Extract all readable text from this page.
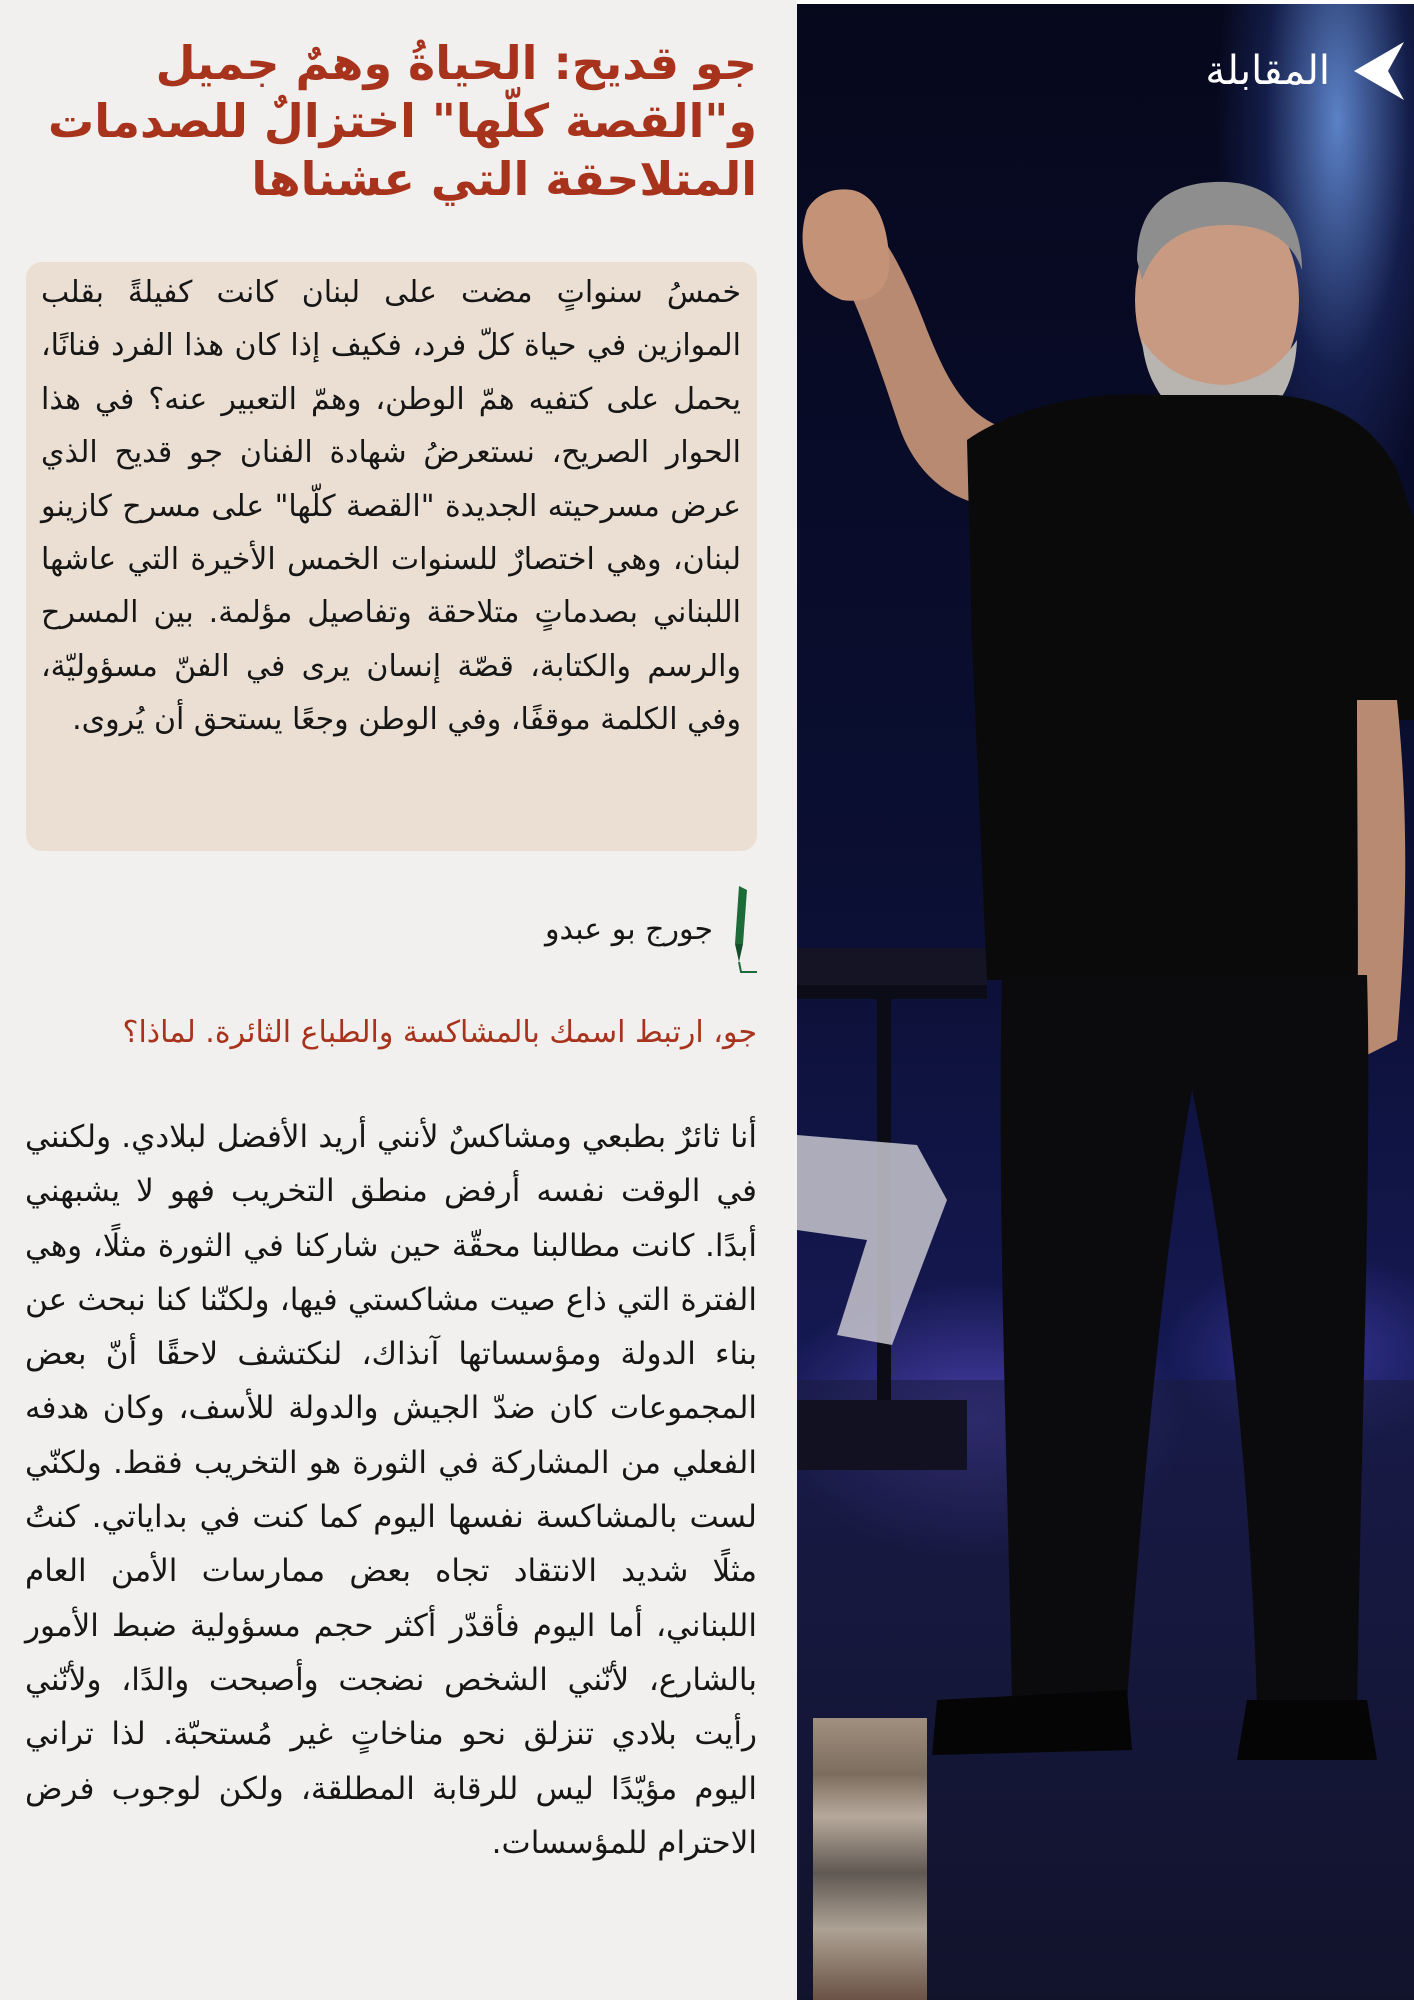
المقابلة
جو قديح: الحياةُ وهمٌ جميل و"القصة كلّها" اختزالٌ للصدمات المتلاحقة التي عشناها

خمسُ سنواتٍ مضت على لبنان كانت كفيلةً بقلب الموازين في حياة كلّ فرد، فكيف إذا كان هذا الفرد فنانًا، يحمل على كتفيه همّ الوطن، وهمّ التعبير عنه؟ في هذا الحوار الصريح، نستعرضُ شهادة الفنان جو قديح الذي عرض مسرحيته الجديدة "القصة كلّها" على مسرح كازينو لبنان، وهي اختصارٌ للسنوات الخمس الأخيرة التي عاشها اللبناني بصدماتٍ متلاحقة وتفاصيل مؤلمة. بين المسرح والرسم والكتابة، قصّة إنسان يرى في الفنّ مسؤوليّة، وفي الكلمة موقفًا، وفي الوطن وجعًا يستحق أن يُروى.

جورج بو عبدو
جو، ارتبط اسمك بالمشاكسة والطباع الثائرة. لماذا؟

أنا ثائرٌ بطبعي ومشاكسٌ لأنني أريد الأفضل لبلادي. ولكنني في الوقت نفسه أرفض منطق التخريب فهو لا يشبهني أبدًا. كانت مطالبنا محقّة حين شاركنا في الثورة مثلًا، وهي الفترة التي ذاع صيت مشاكستي فيها، ولكنّنا كنا نبحث عن بناء الدولة ومؤسساتها آنذاك، لنكتشف لاحقًا أنّ بعض المجموعات كان ضدّ الجيش والدولة للأسف، وكان هدفه الفعلي من المشاركة في الثورة هو التخريب فقط. ولكنّي لست بالمشاكسة نفسها اليوم كما كنت في بداياتي. كنتُ مثلًا شديد الانتقاد تجاه بعض ممارسات الأمن العام اللبناني، أما اليوم فأقدّر أكثر حجم مسؤولية ضبط الأمور بالشارع، لأنّني الشخص نضجت وأصبحت والدًا، ولأنّني رأيت بلادي تنزلق نحو مناخاتٍ غير مُستحبّة. لذا تراني اليوم مؤيّدًا ليس للرقابة المطلقة، ولكن لوجوب فرض الاحترام للمؤسسات.
